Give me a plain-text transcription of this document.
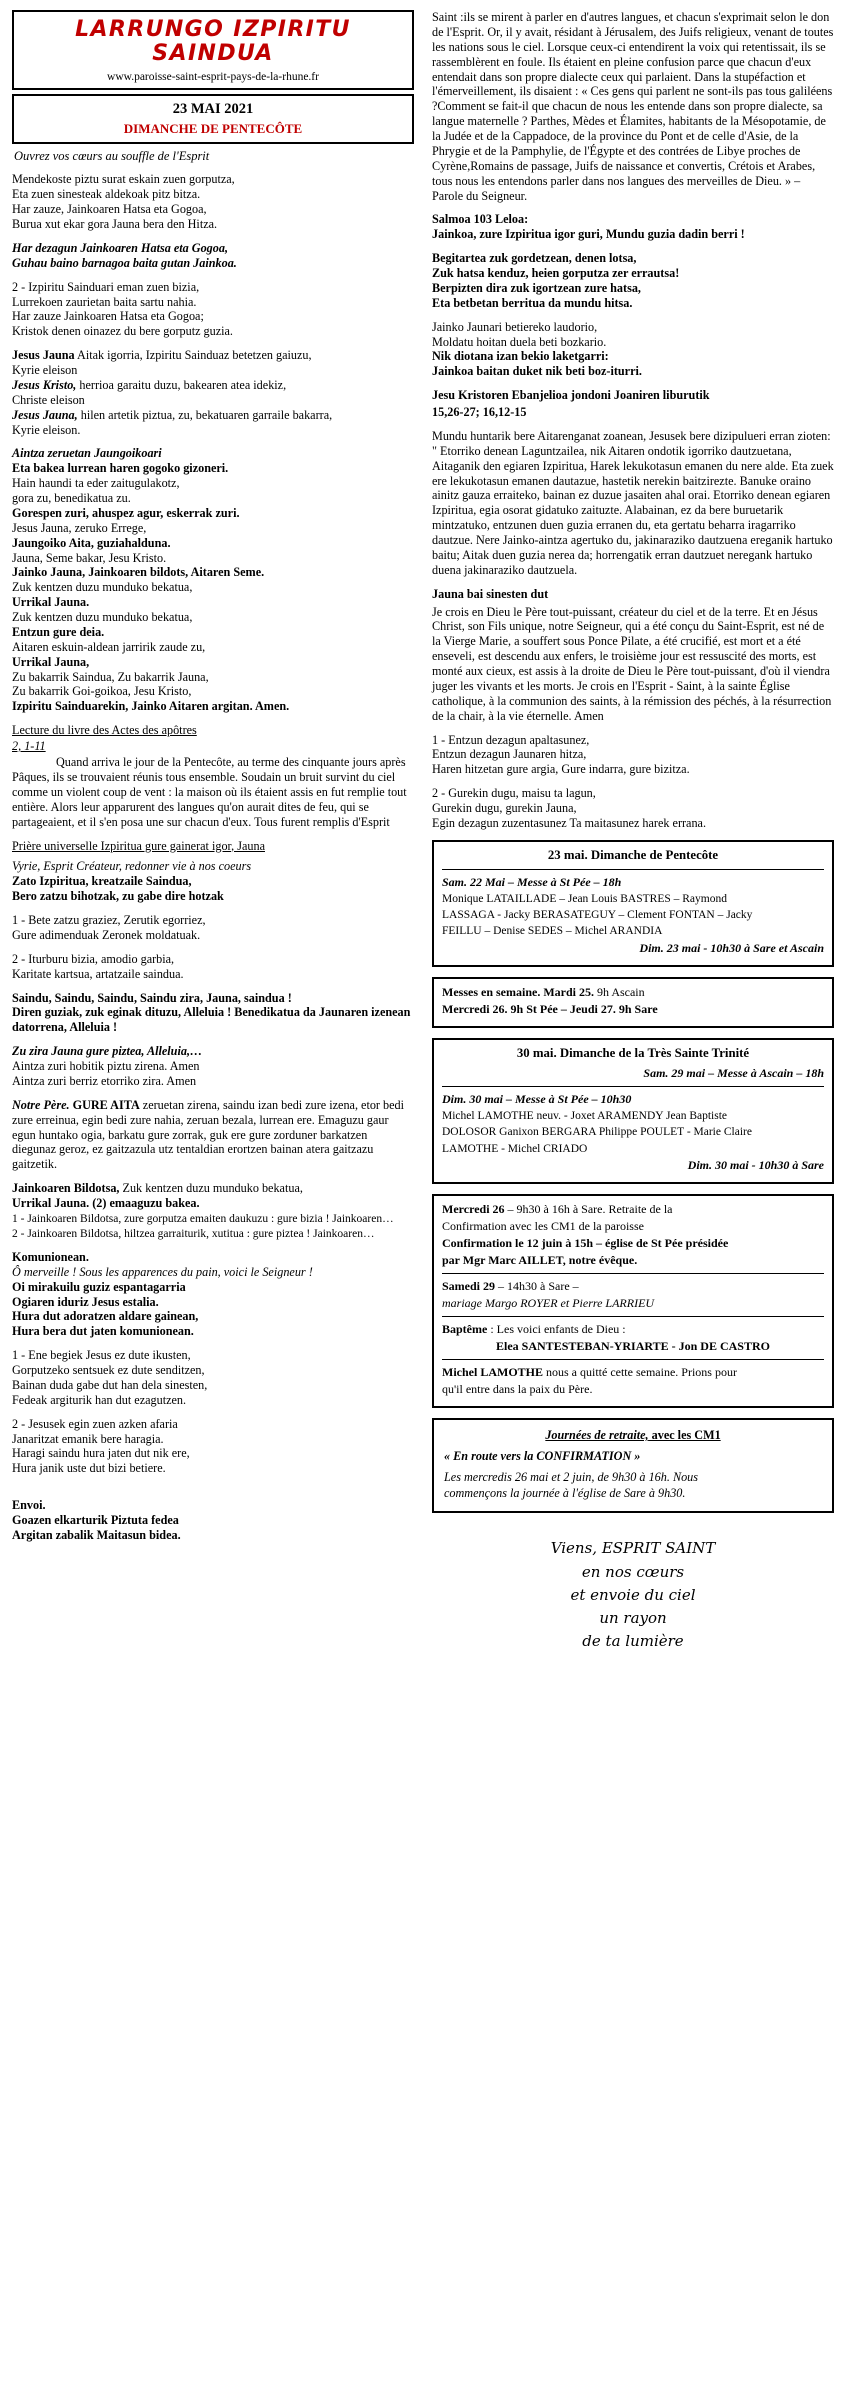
LARRUNGO IZPIRITU SAINDUA
www.paroisse-saint-esprit-pays-de-la-rhune.fr
23 MAI 2021
DIMANCHE DE PENTECÔTE
Ouvrez vos cœurs au souffle de l'Esprit

Mendekoste piztu surat eskain zuen gorputza,
Eta zuen sinesteak aldekoak pitz bitza.
Har zauze, Jainkoaren Hatsa eta Gogoa,
Burua xut ekar gora Jauna bera den Hitza.

Har dezagun Jainkoaren Hatsa eta Gogoa,
Guhau baino barnagoa baita gutan Jainkoa.

2 - Izpiritu Sainduari eman zuen bizia,
Lurrekoen zaurietan baita sartu nahia.
Har zauze Jainkoaren Hatsa eta Gogoa;
Kristok denen oinazez du bere gorputz guzia.

Jesus Jauna Aitak igorria, Izpiritu Sainduaz betetzen gaiuzu,
Kyrie eleison
Jesus Kristo, herrioa garaitu duzu, bakearen atea idekiz,
Christe eleison
Jesus Jauna, hilen artetik piztua, zu, bekatuaren garraile bakarra,
Kyrie eleison.

Aintza zeruetan Jaungoikoari
Eta bakea lurrean haren gogoko gizoneri.
Hain haundi ta eder zaitugulakotz,
gora zu, benedikatua zu.
Gorespen zuri, ahuspez agur, eskerrak zuri.
Jesus Jauna, zeruko Errege,
Jaungoiko Aita, guziahalduna.
Jauna, Seme bakar, Jesu Kristo.
Jainko Jauna, Jainkoaren bildots, Aitaren Seme.
Zuk kentzen duzu munduko bekatua,
Urrikal Jauna.
Zuk kentzen duzu munduko bekatua,
Entzun gure deia.
Aitaren eskuin-aldean jarririk zaude zu,
Urrikal Jauna,
Zu bakarrik Saindua, Zu bakarrik Jauna,
Zu bakarrik Goi-goikoa, Jesu Kristo,
Izpiritu Sainduarekin, Jainko Aitaren argitan. Amen.

Lecture du livre des Actes des apôtres
2, 1-11

Quand arriva le jour de la Pentecôte, au terme des cinquante jours après Pâques, ils se trouvaient réunis tous ensemble. Soudain un bruit survint du ciel comme un violent coup de vent : la maison où ils étaient assis en fut remplie tout entière. Alors leur apparurent des langues qu'on aurait dites de feu, qui se partageaient, et il s'en posa une sur chacun d'eux. Tous furent remplis d'Esprit

Prière universelle Izpiritua gure gainerat igor, Jauna

Vyrie, Esprit Créateur, redonner vie à nos coeurs
Zato Izpiritua, kreatzaile Saindua,
Bero zatzu bihotzak, zu gabe dire hotzak

1 - Bete zatzu graziez, Zerutik egorriez,
Gure adimenduak Zeronek moldatuak.

2 - Iturburu bizia, amodio garbia,
Karitate kartsua, artatzaile saindua.

Saindu, Saindu, Saindu, Saindu zira, Jauna, saindua !
Diren guziak, zuk eginak dituzu, Alleluia ! Benedikatua da Jaunaren izenean datorrena, Alleluia !

Zu zira Jauna gure piztea, Alleluia,…
Aintza zuri hobitik piztu zirena. Amen
Aintza zuri berriz etorriko zira. Amen

Notre Père. GURE AITA zeruetan zirena, saindu izan bedi zure izena, etor bedi zure erreinua, egin bedi zure nahia, zeruan bezala, lurrean ere. Emaguzu gaur egun huntako ogia, barkatu gure zorrak, guk ere gure zorduner barkatzen diegunaz geroz, ez gaitzazula utz tentaldian erortzen bainan atera gaitzazu gaitzetik.

Jainkoaren Bildotsa, Zuk kentzen duzu munduko bekatua,
Urrikal Jauna. (2) emaaguzu bakea.
1 - Jainkoaren Bildotsa, zure gorputza emaiten daukuzu : gure bizia ! Jainkoaren…
2 - Jainkoaren Bildotsa, hiltzea garraiturik, xutitua : gure piztea ! Jainkoaren…

Komunionean.
Ô merveille ! Sous les apparences du pain, voici le Seigneur !
Oi mirakuilu guziz espantagarria
Ogiaren iduriz Jesus estalia.
Hura dut adoratzen aldare gainean,
Hura bera dut jaten komunionean.

1 - Ene begiek Jesus ez dute ikusten,
Gorputzeko sentsuek ez dute senditzen,
Bainan duda gabe dut han dela sinesten,
Fedeak argiturik han dut ezagutzen.

2 - Jesusek egin zuen azken afaria
Janaritzat emanik bere haragia.
Haragi saindu hura jaten dut nik ere,
Hura janik uste dut bizi betiere.

Envoi.
Goazen elkarturik Piztuta fedea
Argitan zabalik Maitasun bidea.

Saint :ils se mirent à parler en d'autres langues, et chacun s'exprimait selon le don de l'Esprit. Or, il y avait, résidant à Jérusalem, des Juifs religieux, venant de toutes les nations sous le ciel. Lorsque ceux-ci entendirent la voix qui retentissait, ils se rassemblèrent en foule. Ils étaient en pleine confusion parce que chacun d'eux entendait dans son propre dialecte ceux qui parlaient. Dans la stupéfaction et l'émerveillement, ils disaient : « Ces gens qui parlent ne sont-ils pas tous galiléens ?Comment se fait-il que chacun de nous les entende dans son propre dialecte, sa langue maternelle ? Parthes, Mèdes et Élamites, habitants de la Mésopotamie, de la Judée et de la Cappadoce, de la province du Pont et de celle d'Asie, de la Phrygie et de la Pamphylie, de l'Égypte et des contrées de Libye proches de Cyrène,Romains de passage, Juifs de naissance et convertis, Crétois et Arabes, tous nous les entendons parler dans nos langues des merveilles de Dieu. » – Parole du Seigneur.

Salmoa 103 Leloa:
Jainkoa, zure Izpiritua igor guri, Mundu guzia dadin berri !

Begitartea zuk gordetzean, denen lotsa,
Zuk hatsa kenduz, heien gorputza zer errautsa!
Berpizten dira zuk igortzean zure hatsa,
Eta betbetan berritua da mundu hitsa.

Jainko Jaunari betiereko laudorio,
Moldatu hoitan duela beti bozkario.
Nik diotana izan bekio laketgarri:
Jainkoa baitan duket nik beti boz-iturri.

Jesu Kristoren Ebanjelioa jondoni Joaniren liburutik

15,26-27; 16,12-15

Mundu huntarik bere Aitarenganat zoanean, Jesusek bere dizipulueri erran zioten: " Etorriko denean Laguntzailea, nik Aitaren ondotik igorriko dautzuetana, Aitaganik den egiaren Izpiritua, Harek lekukotasun emanen du nere alde. Eta zuek ere lekukotasun emanen dautazue, hastetik nerekin baitzirezte. Banuke oraino ainitz gauza erraiteko, bainan ez duzue jasaiten ahal orai. Etorriko denean egiaren Izpiritua, egia osorat gidatuko zaituzte. Alabainan, ez da bere buruetarik mintzatuko, entzunen duen guzia erranen du, eta gertatu beharra iragarriko dautzue. Nere Jainko-aintza agertuko du, jakinaraziko dautzuena ereganik hartuko baitu; Aitak duen guzia nerea da; horrengatik erran dautzuet neregank hartuko duena jakinaraziko dautzuela.

Jauna bai sinesten dut

Je crois en Dieu le Père tout-puissant, créateur du ciel et de la terre. Et en Jésus Christ, son Fils unique, notre Seigneur, qui a été conçu du Saint-Esprit, est né de la Vierge Marie, a souffert sous Ponce Pilate, a été crucifié, est mort et a été enseveli, est descendu aux enfers, le troisième jour est ressuscité des morts, est monté aux cieux, est assis à la droite de Dieu le Père tout-puissant, d'où il viendra juger les vivants et les morts. Je crois en l'Esprit - Saint, à la sainte Église catholique, à la communion des saints, à la rémission des péchés, à la résurrection de la chair, à la vie éternelle. Amen

1 - Entzun dezagun apaltasunez,
Entzun dezagun Jaunaren hitza,
Haren hitzetan gure argia, Gure indarra, gure bizitza.

2 - Gurekin dugu, maisu ta lagun,
Gurekin dugu, gurekin Jauna,
Egin dezagun zuzentasunez Ta maitasunez harek errana.

23 mai. Dimanche de Pentecôte
Sam. 22 Mai – Messe à St Pée – 18h
Monique LATAILLADE – Jean Louis BASTRES – Raymond
LASSAGA - Jacky BERASATEGUY – Clement FONTAN – Jacky
FEILLU – Denise SEDES – Michel ARANDIA
Dim. 23 mai - 10h30 à Sare et Ascain
Messes en semaine. Mardi 25. 9h Ascain
Mercredi 26. 9h St Pée – Jeudi 27. 9h Sare
30 mai. Dimanche de la Très Sainte Trinité
Sam. 29 mai – Messe à Ascain – 18h
Dim. 30 mai – Messe à St Pée – 10h30
Michel LAMOTHE neuv. - Joxet ARAMENDY Jean Baptiste
DOLOSOR Ganixon BERGARA Philippe POULET - Marie Claire
LAMOTHE - Michel CRIADO
Dim. 30 mai - 10h30 à Sare
Mercredi 26 – 9h30 à 16h à Sare. Retraite de la
Confirmation avec les CM1 de la paroisse
Confirmation le 12 juin à 15h – église de St Pée présidée
par Mgr Marc AILLET, notre évêque.
Samedi 29 – 14h30 à Sare –
mariage Margo ROYER et Pierre LARRIEU
Baptême : Les voici enfants de Dieu :
Elea SANTESTEBAN-YRIARTE - Jon DE CASTRO
Michel LAMOTHE nous a quitté cette semaine. Prions pour
qu'il entre dans la paix du Père.
Journées de retraite, avec les CM1
« En route vers la CONFIRMATION »
Les mercredis 26 mai et 2 juin, de 9h30 à 16h. Nous
commençons la journée à l'église de Sare à 9h30.
Viens, ESPRIT SAINT
en nos cœurs
et envoie du ciel
un rayon
de ta lumière
